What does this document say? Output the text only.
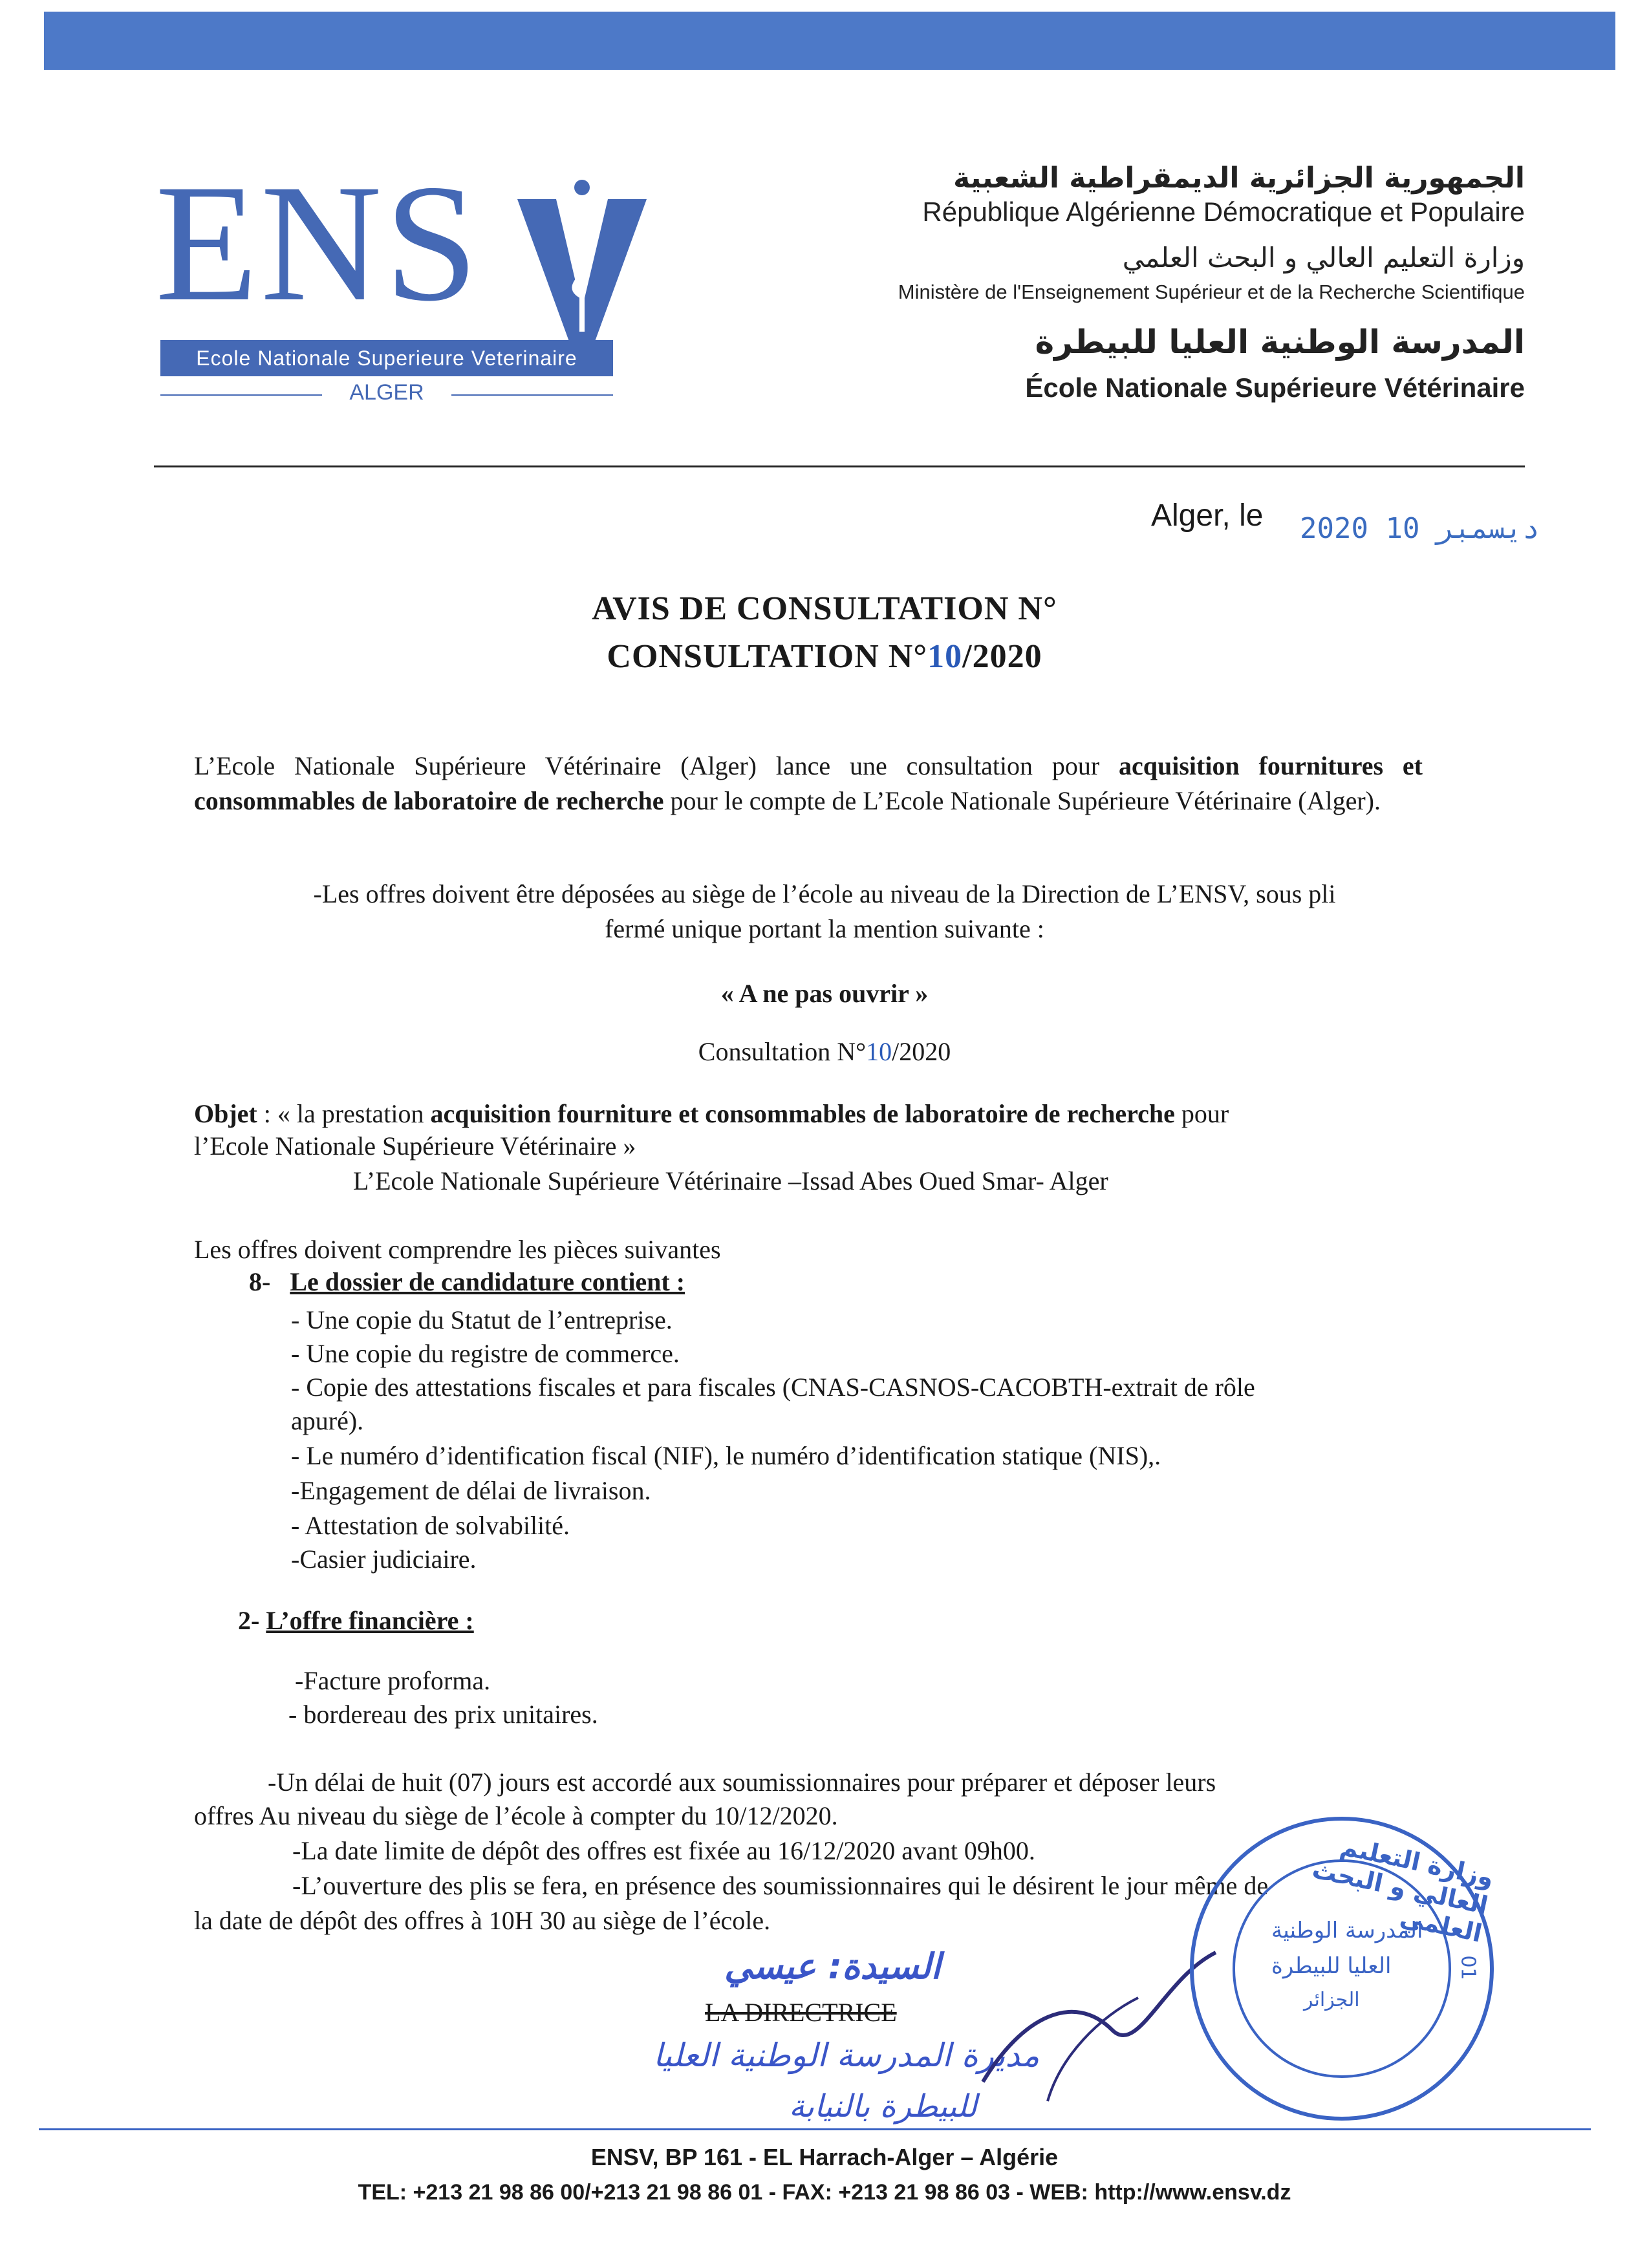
ENS
Ecole Nationale Superieure Veterinaire
ALGER
الجمهورية الجزائرية الديمقراطية الشعبية
République Algérienne Démocratique et Populaire
وزارة التعليم العالي و البحث العلمي
Ministère de l'Enseignement Supérieur et de la Recherche Scientifique
المدرسة الوطنية العليا للبيطرة
École Nationale Supérieure Vétérinaire
Alger, le 2020 ديسمبر 10
AVIS DE CONSULTATION N°
CONSULTATION N°10/2020
L’Ecole Nationale Supérieure Vétérinaire (Alger) lance une consultation pour acquisition fournitures et consommables de laboratoire de recherche pour le compte de L’Ecole Nationale Supérieure Vétérinaire (Alger).
-Les offres doivent être déposées au siège de l’école au niveau de la Direction de L’ENSV, sous pli
fermé unique portant la mention suivante :
« A ne pas ouvrir »
Consultation N°10/2020
Objet : « la prestation acquisition fourniture et consommables de laboratoire de recherche pour
l’Ecole Nationale Supérieure Vétérinaire »
L’Ecole Nationale Supérieure Vétérinaire –Issad Abes Oued Smar- Alger
Les offres doivent comprendre les pièces suivantes
8- Le dossier de candidature contient :
- Une copie du Statut de l’entreprise.
- Une copie du registre de commerce.
- Copie des attestations fiscales et para fiscales (CNAS-CASNOS-CACOBTH-extrait de rôle
apuré).
- Le numéro d’identification fiscal (NIF), le numéro d’identification statique (NIS),.
-Engagement de délai de livraison.
- Attestation de solvabilité.
-Casier judiciaire.
2- L’offre financière :
-Facture proforma.
- bordereau des prix unitaires.
-Un délai de huit (07) jours est accordé aux soumissionnaires pour préparer et déposer leurs
offres Au niveau du siège de l’école à compter du 10/12/2020.
-La date limite de dépôt des offres est fixée au 16/12/2020 avant 09h00.
-L’ouverture des plis se fera, en présence des soumissionnaires qui le désirent le jour même de
la date de dépôt des offres à 10H 30 au siège de l’école.
LA DIRECTRICE
السيدة: عيسي
مديرة المدرسة الوطنية العليا
للبيطرة بالنيابة
وزارة التعليم العالي و البحث العلمي
المدرسة الوطنية
العليا للبيطرة
الجزائر
01
ENSV, BP 161 - EL Harrach-Alger – Algérie
TEL: +213 21 98 86 00/+213 21 98 86 01 - FAX: +213 21 98 86 03 - WEB: http://www.ensv.dz
